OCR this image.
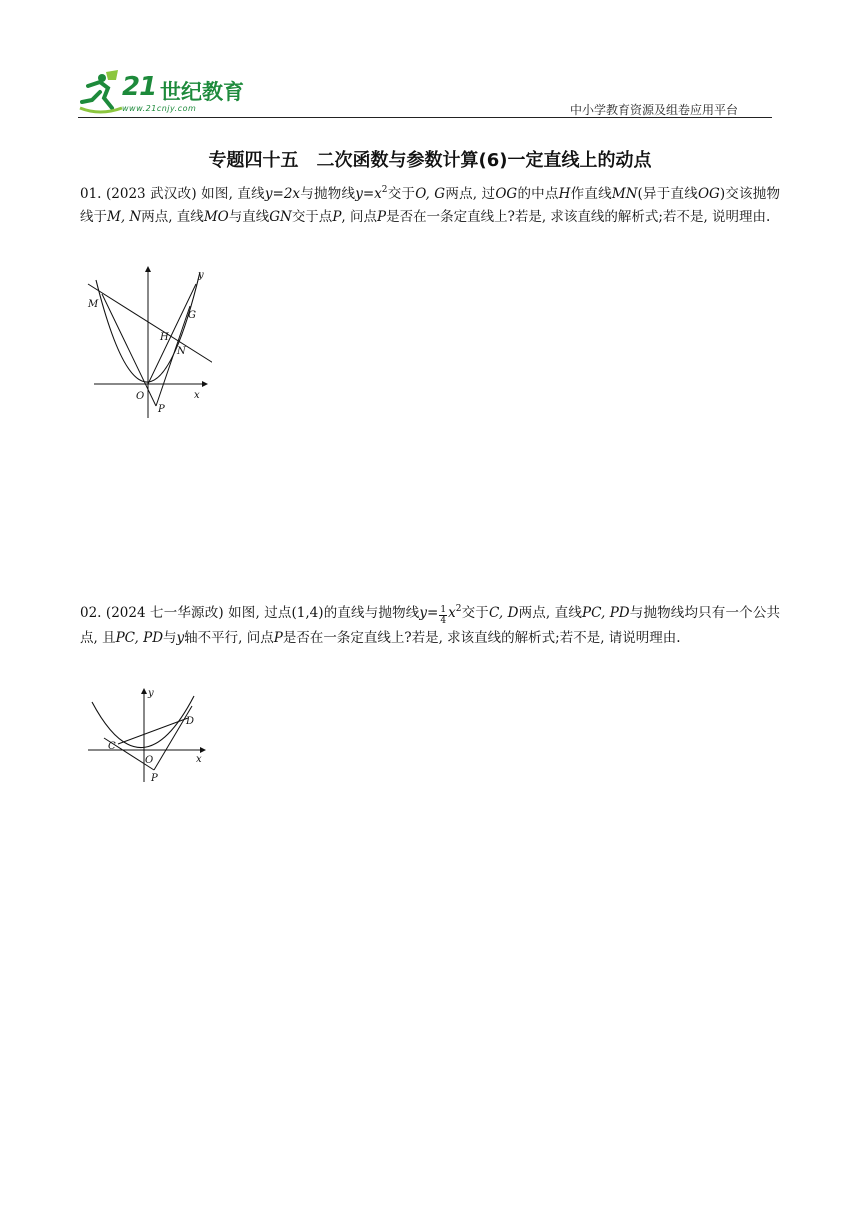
21 世纪教育
www.21cnjy.com	中小学教育资源及组卷应用平台
专题四十五　二次函数与参数计算(6)一定直线上的动点
01. (2023 武汉改) 如图, 直线y=2x与抛物线$y=x^2$交于O, G两点, 过OG的中点H作直线MN(异于直线OG)交该抛物线于M, N两点, 直线MO与直线GN交于点P, 问点P是否在一条定直线上?若是, 求该直线的解析式;若不是, 说明理由.
y
M
G
H
N
O	x
P
02. (2024 七一华源改) 如图, 过点(1,4)的直线与抛物线$y= \frac{1}{4} x^2$交于C, D两点, 直线PC, PD与抛物线均只有一个公共点, 且PC, PD与y轴不平行, 问点P是否在一条定直线上?若是, 求该直线的解析式;若不是, 请说明理由.
y
D
C
O	x
P
